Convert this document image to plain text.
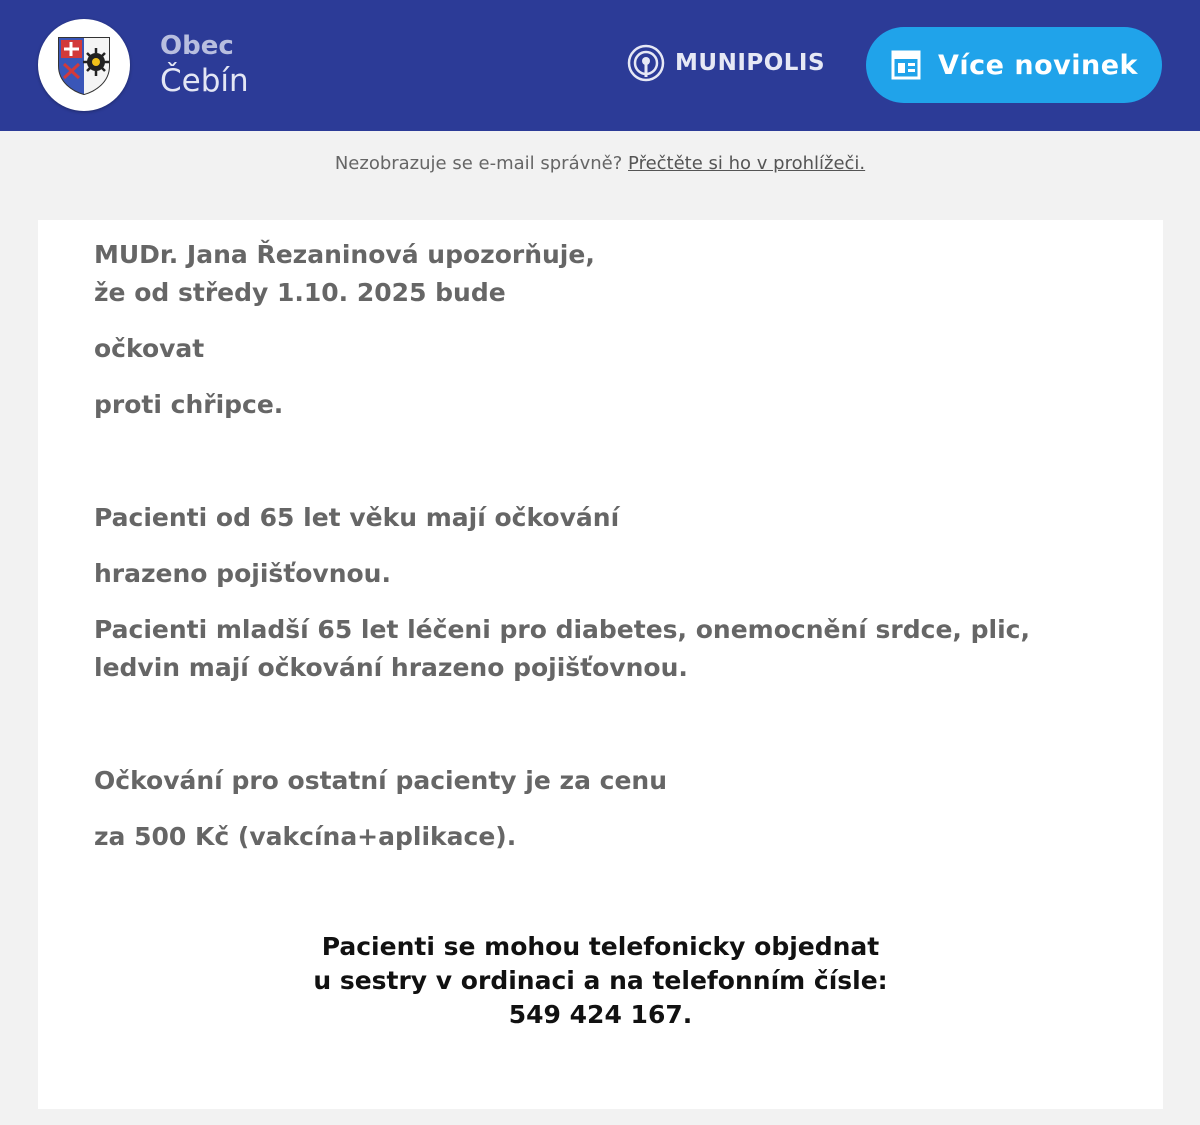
Obec
Čebín	MUNIPOLIS	Více novinek
Nezobrazuje se e-mail správně? Přečtěte si ho v prohlížeči.

MUDr. Jana Řezaninová upozorňuje,

že od středy 1.10. 2025 bude

očkovat

proti chřipce.

Pacienti od 65 let věku mají očkování

hrazeno pojišťovnou.

Pacienti mladší 65 let léčeni pro diabetes, onemocnění srdce, plic,

ledvin mají očkování hrazeno pojišťovnou.

Očkování pro ostatní pacienty je za cenu

za 500 Kč (vakcína+aplikace).

Pacienti se mohou telefonicky objednat

u sestry v ordinaci a na telefonním čísle:

549 424 167.
